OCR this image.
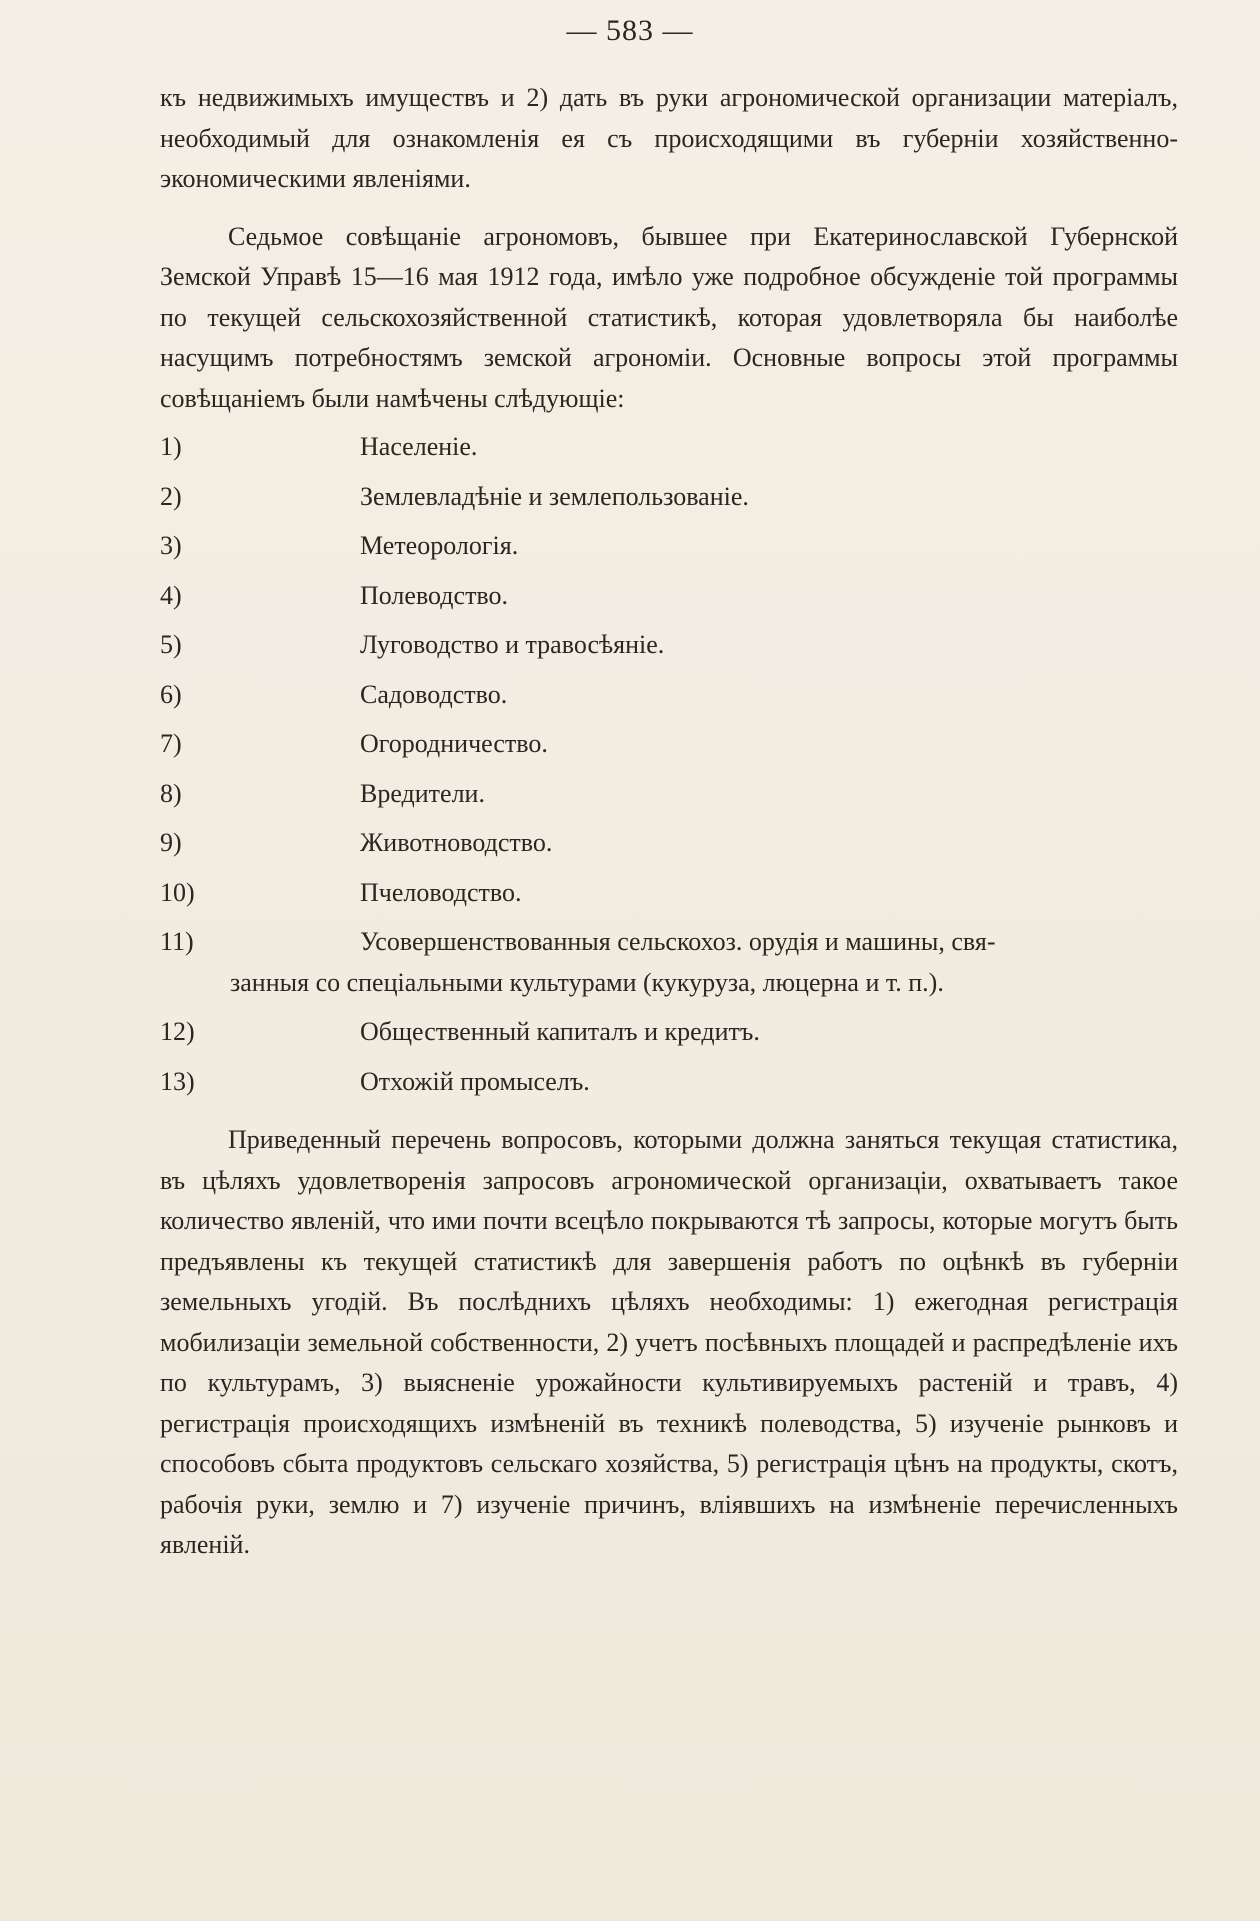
— 583 —

къ недвижимыхъ имуществъ и 2) дать въ руки агрономической организации матеріалъ, необходимый для ознакомленія ея съ происходящими въ губерніи хозяйственно-экономическими явленіями.

Седьмое совѣщаніе агрономовъ, бывшее при Екатеринославской Губернской Земской Управѣ 15—16 мая 1912 года, имѣло уже подробное обсужденіе той программы по текущей сельскохозяйственной статистикѣ, которая удовлетворяла бы наиболѣе насущимъ потребностямъ земской агрономіи. Основные вопросы этой программы совѣщаніемъ были намѣчены слѣдующіе:

1)	Населеніе.
2)	Землевладѣніе и землепользованіе.
3)	Метеорологія.
4)	Полеводство.
5)	Луговодство и травосѣяніе.
6)	Садоводство.
7)	Огородничество.
8)	Вредители.
9)	Животноводство.
10)	Пчеловодство.
11)	Усовершенствованныя сельскохоз. орудія и машины, свя-
занныя со спеціальными культурами (кукуруза, люцерна и т. п.).
12)	Общественный капиталъ и кредитъ.
13)	Отхожій промыселъ.

Приведенный перечень вопросовъ, которыми должна заняться текущая статистика, въ цѣляхъ удовлетворенія запросовъ агрономической организаціи, охватываетъ такое количество явленій, что ими почти всецѣло покрываются тѣ запросы, которые могутъ быть предъявлены къ текущей статистикѣ для завершенія работъ по оцѣнкѣ въ губерніи земельныхъ угодій. Въ послѣднихъ цѣляхъ необходимы: 1) ежегодная регистрація мобилизаціи земельной собственности, 2) учетъ посѣвныхъ площадей и распредѣленіе ихъ по культурамъ, 3) выясненіе урожайности культивируемыхъ растеній и травъ, 4) регистрація происходящихъ измѣненій въ техникѣ полеводства, 5) изученіе рынковъ и способовъ сбыта продуктовъ сельскаго хозяйства, 5) регистрація цѣнъ на продукты, скотъ, рабочія руки, землю и 7) изученіе причинъ, вліявшихъ на измѣненіе перечисленныхъ явленій.
